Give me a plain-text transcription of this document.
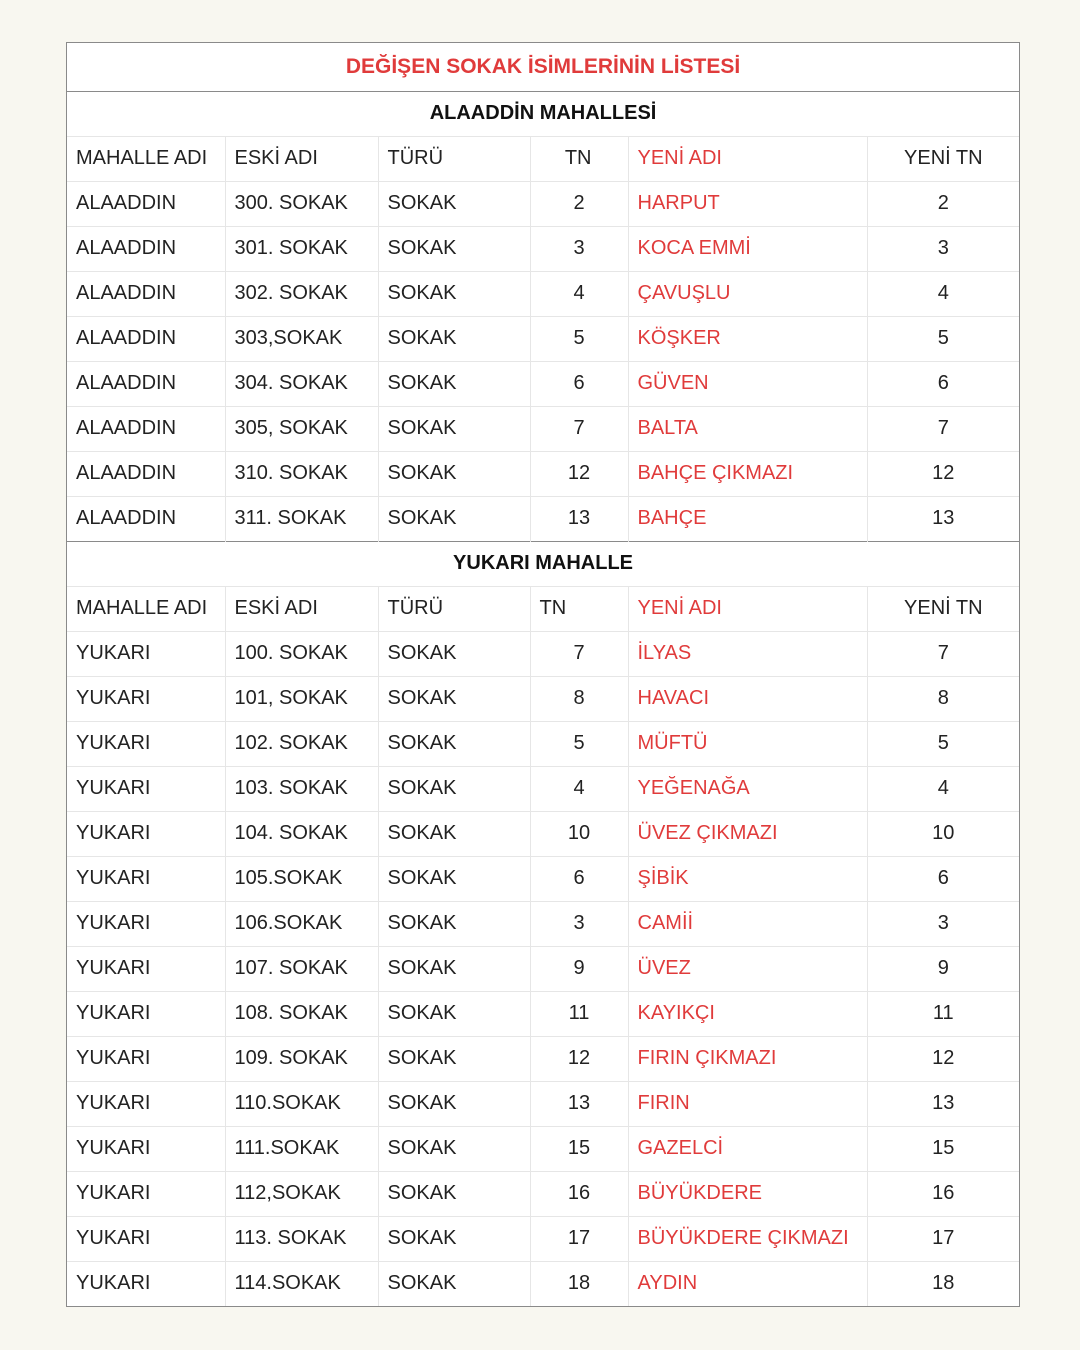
DEĞİŞEN SOKAK İSİMLERİNİN LİSTESİ					
ALAADDİN MAHALLESİ					
MAHALLE ADI	ESKİ ADI	TÜRÜ	TN	YENİ ADI	YENİ TN
ALAADDIN	300. SOKAK	SOKAK	2	HARPUT	2
ALAADDIN	301. SOKAK	SOKAK	3	KOCA EMMİ	3
ALAADDIN	302. SOKAK	SOKAK	4	ÇAVUŞLU	4
ALAADDIN	303,SOKAK	SOKAK	5	KÖŞKER	5
ALAADDIN	304. SOKAK	SOKAK	6	GÜVEN	6
ALAADDIN	305, SOKAK	SOKAK	7	BALTA	7
ALAADDIN	310. SOKAK	SOKAK	12	BAHÇE ÇIKMAZI	12
ALAADDIN	311. SOKAK	SOKAK	13	BAHÇE	13
YUKARI MAHALLE					
MAHALLE ADI	ESKİ ADI	TÜRÜ	TN	YENİ ADI	YENİ TN
YUKARI	100. SOKAK	SOKAK	7	İLYAS	7
YUKARI	101, SOKAK	SOKAK	8	HAVACI	8
YUKARI	102. SOKAK	SOKAK	5	MÜFTÜ	5
YUKARI	103. SOKAK	SOKAK	4	YEĞENAĞA	4
YUKARI	104. SOKAK	SOKAK	10	ÜVEZ ÇIKMAZI	10
YUKARI	105.SOKAK	SOKAK	6	ŞİBİK	6
YUKARI	106.SOKAK	SOKAK	3	CAMİİ	3
YUKARI	107. SOKAK	SOKAK	9	ÜVEZ	9
YUKARI	108. SOKAK	SOKAK	11	KAYIKÇI	11
YUKARI	109. SOKAK	SOKAK	12	FIRIN ÇIKMAZI	12
YUKARI	110.SOKAK	SOKAK	13	FIRIN	13
YUKARI	111.SOKAK	SOKAK	15	GAZELCİ	15
YUKARI	112,SOKAK	SOKAK	16	BÜYÜKDERE	16
YUKARI	113. SOKAK	SOKAK	17	BÜYÜKDERE ÇIKMAZI	17
YUKARI	114.SOKAK	SOKAK	18	AYDIN	18
